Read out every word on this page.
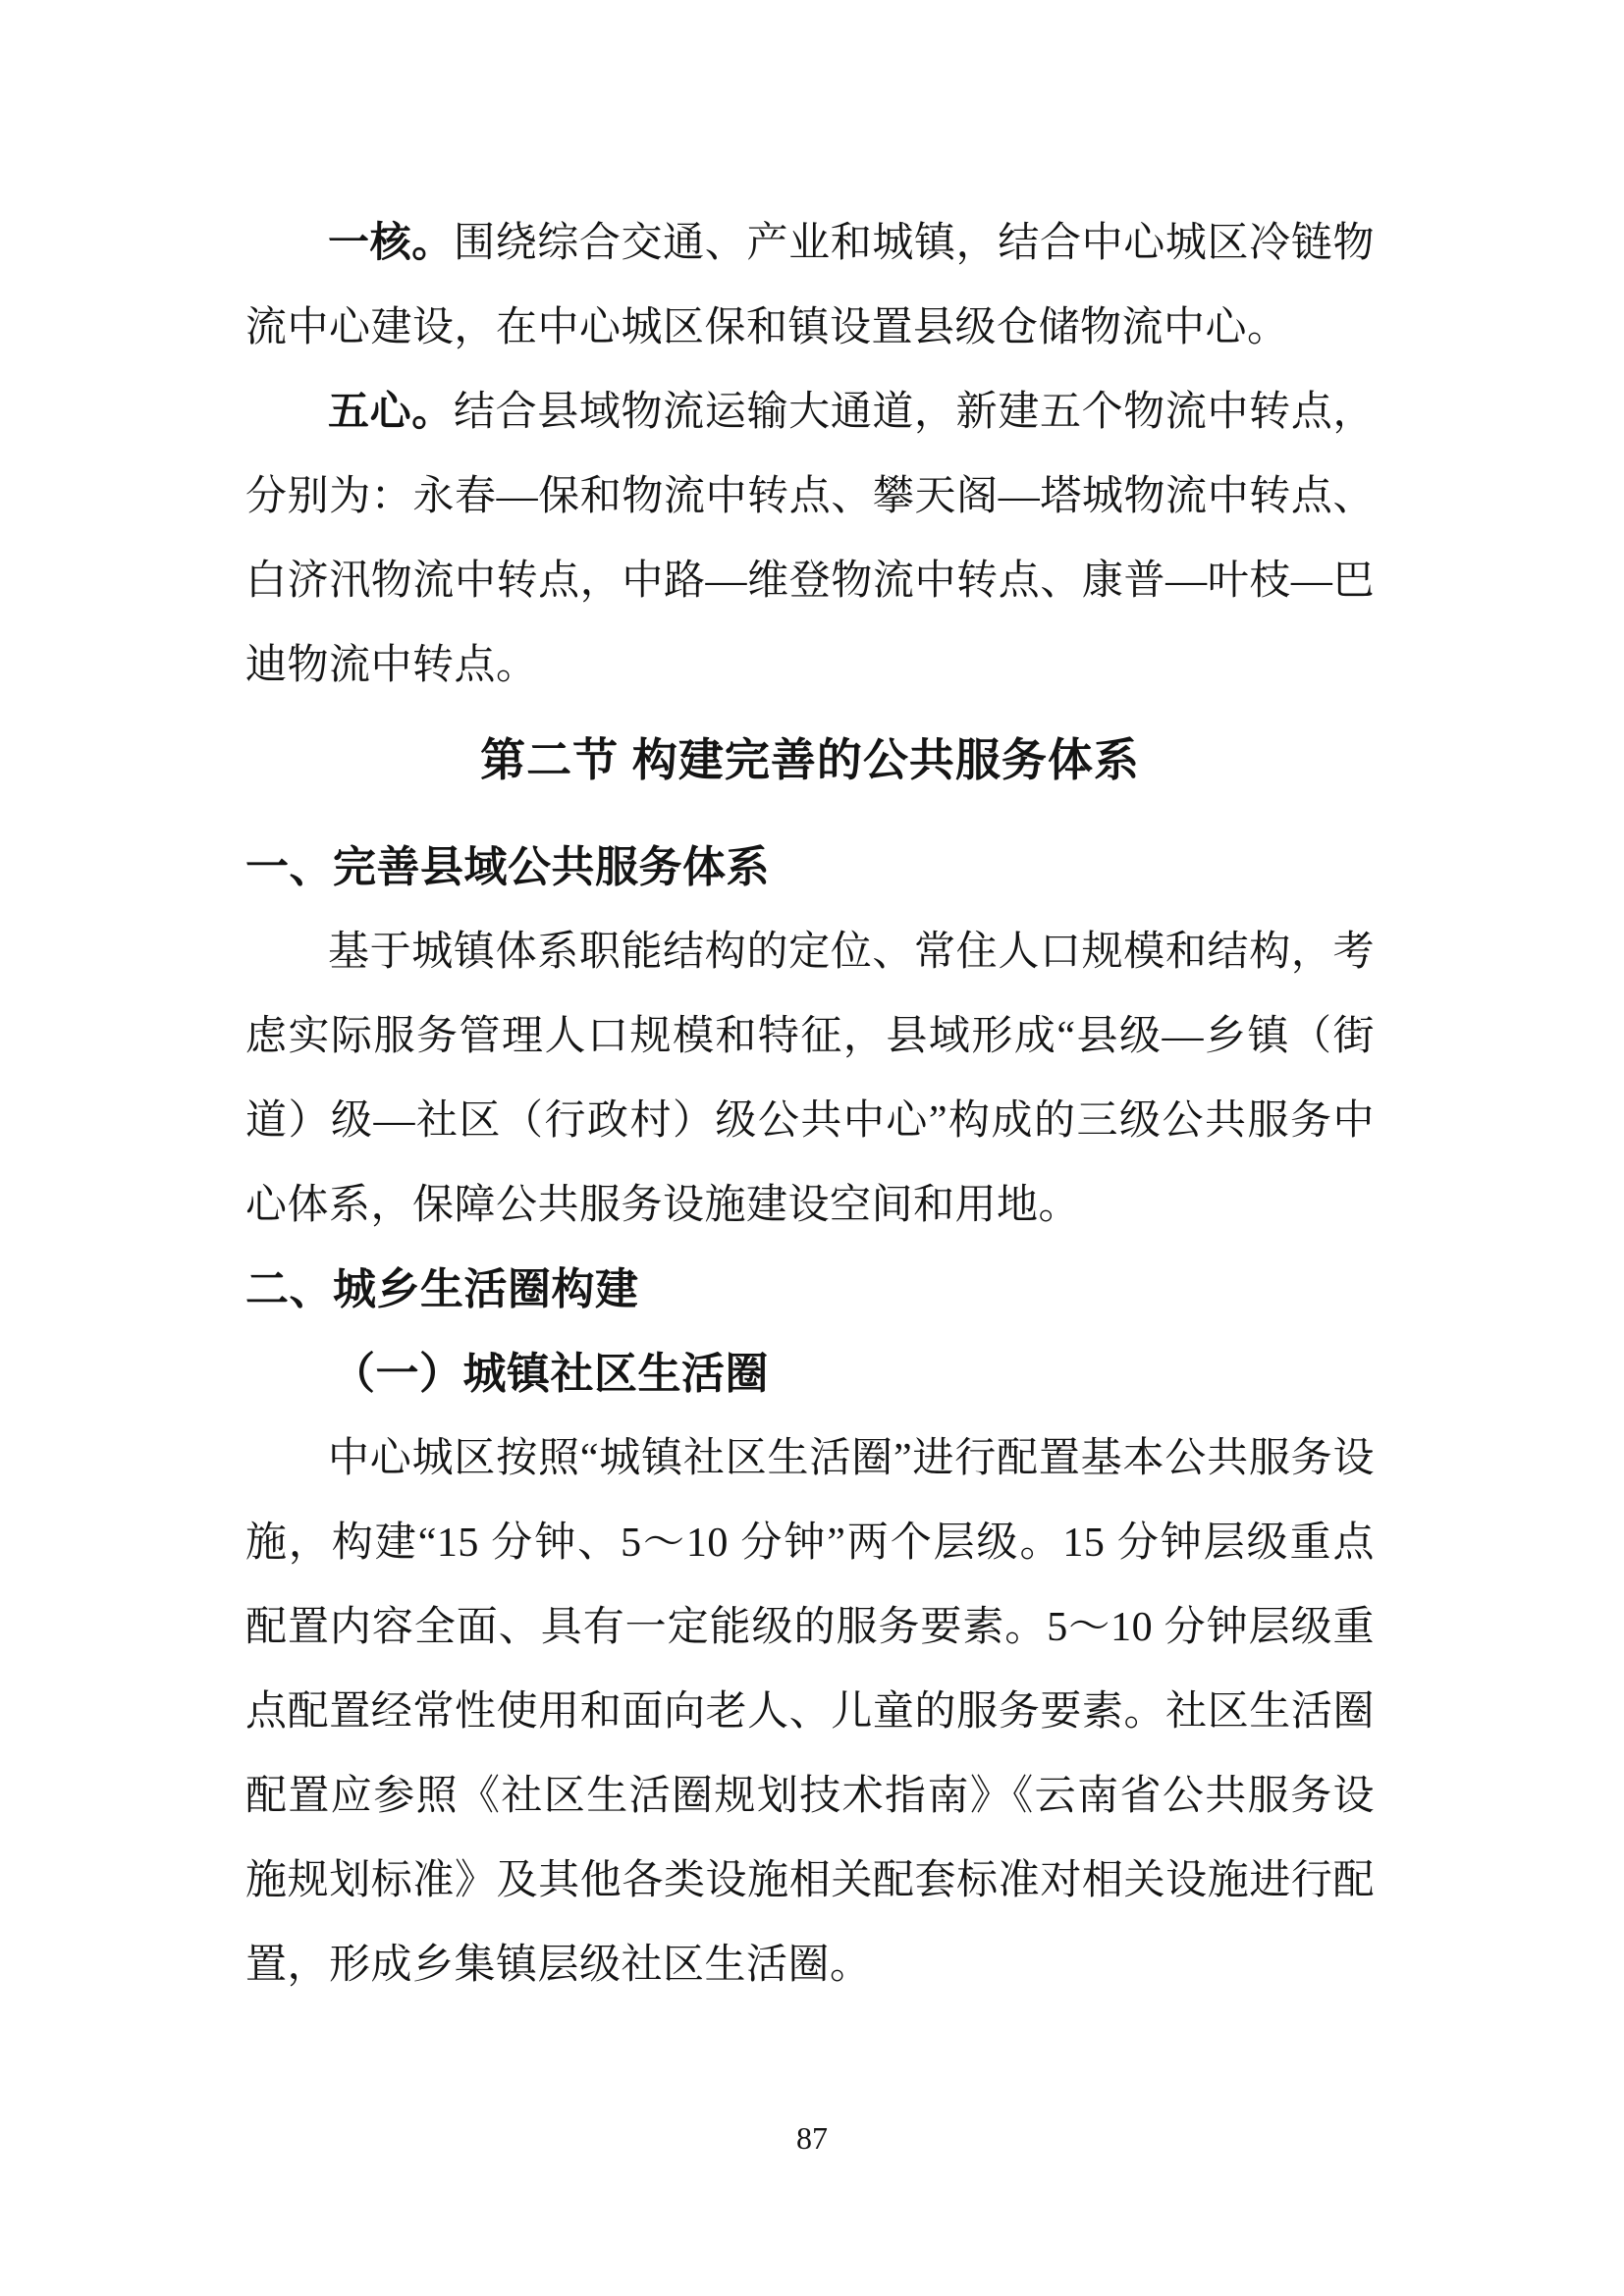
一核。围绕综合交通、产业和城镇，结合中心城区冷链物流中心建设，在中心城区保和镇设置县级仓储物流中心。

五心。结合县域物流运输大通道，新建五个物流中转点，分别为：永春—保和物流中转点、攀天阁—塔城物流中转点、白济汛物流中转点，中路—维登物流中转点、康普—叶枝—巴迪物流中转点。

第二节 构建完善的公共服务体系
一、完善县域公共服务体系

基于城镇体系职能结构的定位、常住人口规模和结构，考虑实际服务管理人口规模和特征，县域形成“县级—乡镇（街道）级—社区（行政村）级公共中心”构成的三级公共服务中心体系，保障公共服务设施建设空间和用地。

二、城乡生活圈构建
（一）城镇社区生活圈

中心城区按照“城镇社区生活圈”进行配置基本公共服务设施，构建“15 分钟、5～10 分钟”两个层级。15 分钟层级重点配置内容全面、具有一定能级的服务要素。5～10 分钟层级重点配置经常性使用和面向老人、儿童的服务要素。社区生活圈配置应参照《社区生活圈规划技术指南》《云南省公共服务设施规划标准》及其他各类设施相关配套标准对相关设施进行配置，形成乡集镇层级社区生活圈。

87
